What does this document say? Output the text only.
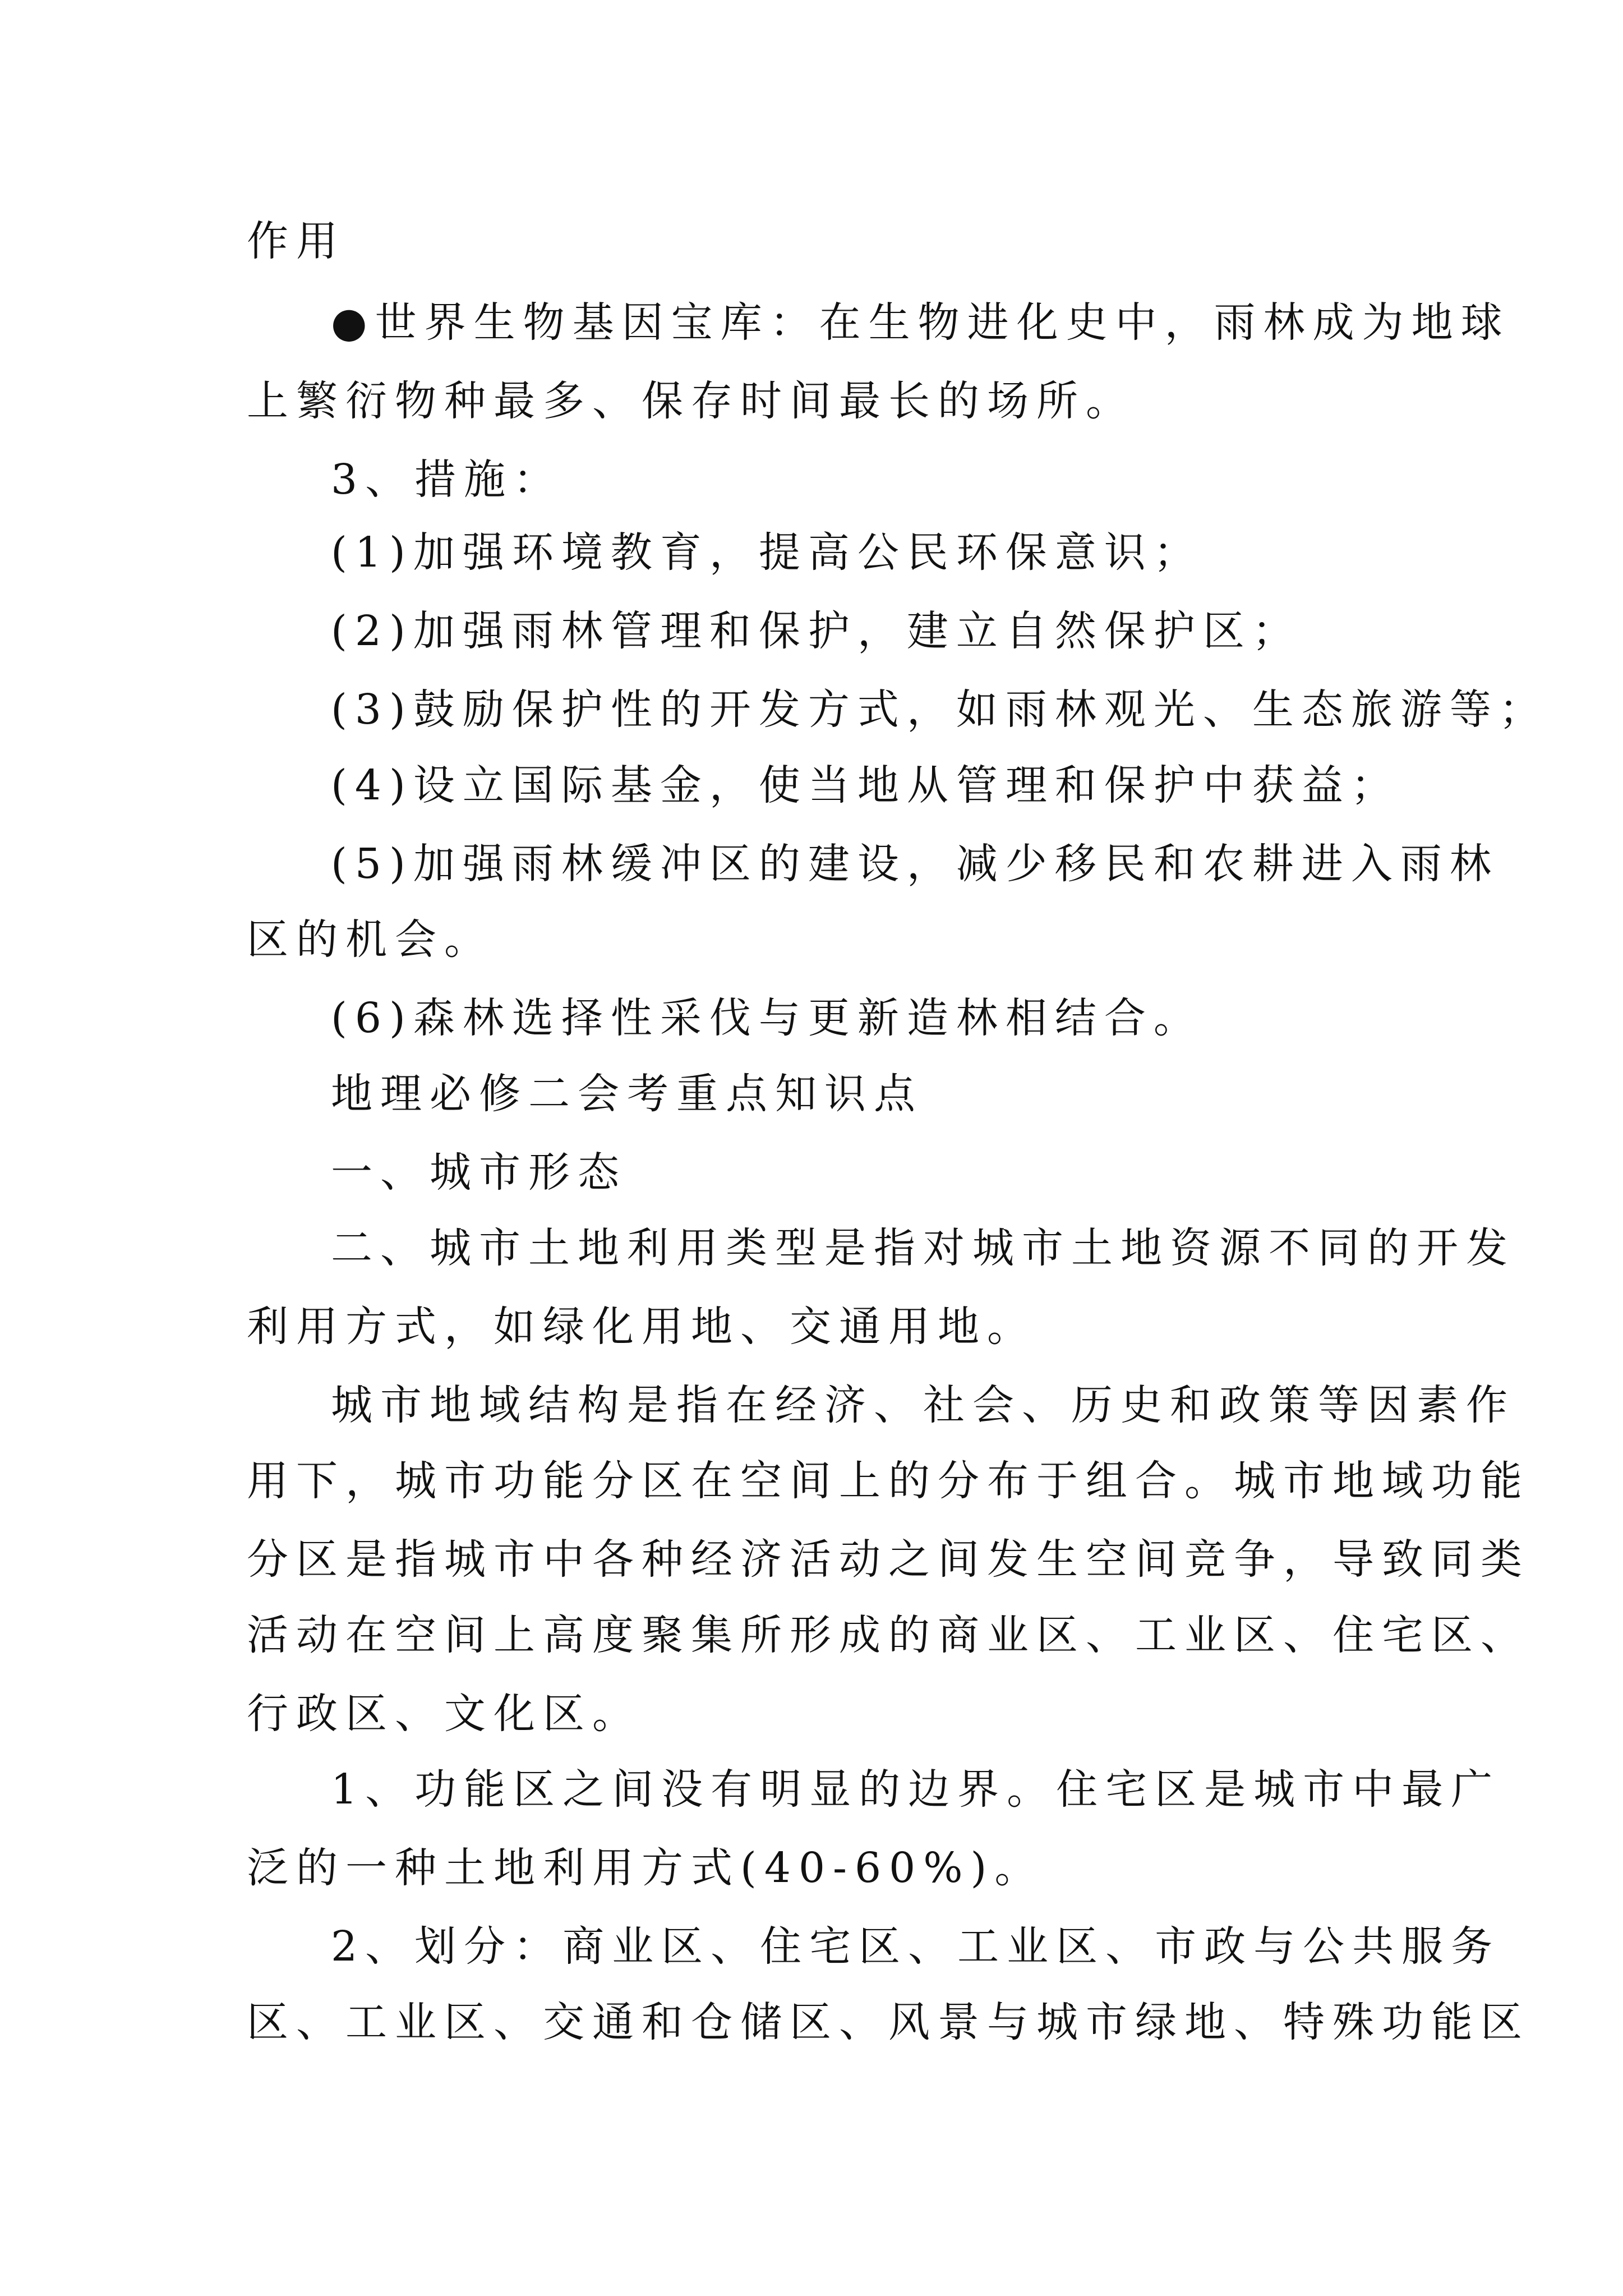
作用
●世界生物基因宝库：在生物进化史中，雨林成为地球
上繁衍物种最多、保存时间最长的场所。
3、措施：
(1)加强环境教育，提高公民环保意识；
(2)加强雨林管理和保护，建立自然保护区；
(3)鼓励保护性的开发方式，如雨林观光、生态旅游等；
(4)设立国际基金，使当地从管理和保护中获益；
(5)加强雨林缓冲区的建设，减少移民和农耕进入雨林
区的机会。
(6)森林选择性采伐与更新造林相结合。
地理必修二会考重点知识点
一、城市形态
二、城市土地利用类型是指对城市土地资源不同的开发
利用方式，如绿化用地、交通用地。
城市地域结构是指在经济、社会、历史和政策等因素作
用下，城市功能分区在空间上的分布于组合。城市地域功能
分区是指城市中各种经济活动之间发生空间竞争，导致同类
活动在空间上高度聚集所形成的商业区、工业区、住宅区、
行政区、文化区。
1、功能区之间没有明显的边界。住宅区是城市中最广
泛的一种土地利用方式(40-60%)。
2、划分：商业区、住宅区、工业区、市政与公共服务
区、工业区、交通和仓储区、风景与城市绿地、特殊功能区
